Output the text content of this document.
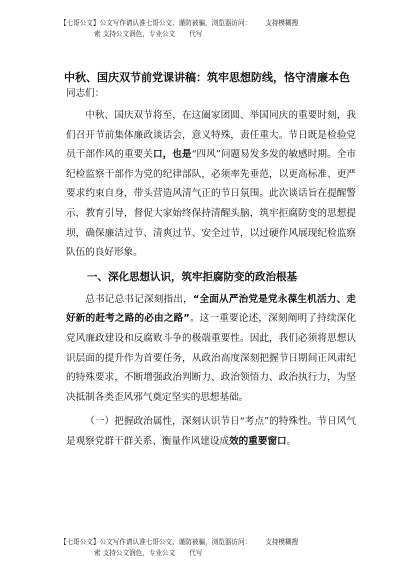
【七哥公文】公文写作请认准七哥公文、谨防被骗，浏览器访问： 支持模糊搜
索 支持公文润色，专业公文 代写
中秋、国庆双节前党课讲稿：筑牢思想防线，恪守清廉本色
同志们：

中秋、国庆双节将至，在这阖家团圆、举国同庆的重要时刻，我们召开节前集体廉政谈话会，意义特殊，责任重大。节日既是检验党员干部作风的重要关口，也是“四风”问题易发多发的敏感时期。全市纪检监察干部作为党的纪律部队，必须率先垂范，以更高标准、更严要求约束自身，带头营造风清气正的节日氛围。此次谈话旨在提醒警示，教育引导，督促大家始终保持清醒头脑，筑牢拒腐防变的思想提坝，确保廉洁过节、清爽过节、安全过节，以过硬作风展现纪检监察队伍的良好形象。

一、深化思想认识，筑牢拒腐防变的政治根基

总书记总书记深刻指出，“全面从严治党是党永葆生机活力、走好新的赶考之路的必由之路”。这一重要论述，深刻阐明了持续深化党风廉政建设和反腐败斗争的极端重要性。因此，我们必须将思想认识层面的提升作为首要任务，从政治高度深刻把握节日期间正风肃纪的特殊要求，不断增强政治判断力、政治领悟力、政治执行力，为坚决抵制各类歪风邪气奠定坚实的思想基础。

（一）把握政治属性，深刻认识节日“考点”的特殊性。节日风气是观察党群干群关系、衡量作风建设成效的重要窗口。

【七哥公文】公文写作请认准七哥公文、谨防被骗，浏览器访问： 支持模糊搜
索 支持公文润色，专业公文 代写
